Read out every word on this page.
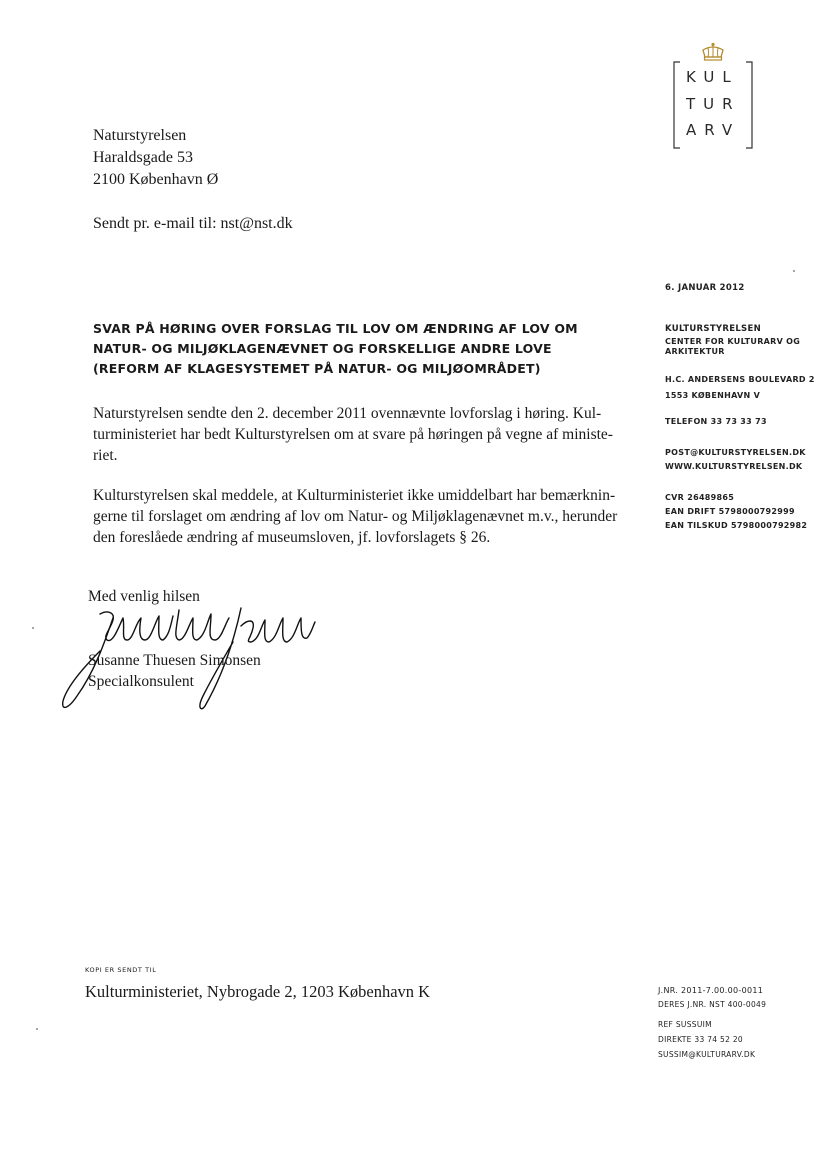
KUL
TUR
ARV
Naturstyrelsen
Haraldsgade 53
2100 København Ø
Sendt pr. e-mail til: nst@nst.dk
6. JANUAR 2012
KULTURSTYRELSEN
CENTER FOR KULTURARV OG
ARKITEKTUR
H.C. ANDERSENS BOULEVARD 2
1553 KØBENHAVN V
TELEFON 33 73 33 73
POST@KULTURSTYRELSEN.DK
WWW.KULTURSTYRELSEN.DK
CVR 26489865
EAN DRIFT 5798000792999
EAN TILSKUD 5798000792982
SVAR PÅ HØRING OVER FORSLAG TIL LOV OM ÆNDRING AF LOV OM
NATUR- OG MILJØKLAGENÆVNET OG FORSKELLIGE ANDRE LOVE
(REFORM AF KLAGESYSTEMET PÅ NATUR- OG MILJØOMRÅDET)
Naturstyrelsen sendte den 2. december 2011 ovennævnte lovforslag i høring. Kul-
turministeriet har bedt Kulturstyrelsen om at svare på høringen på vegne af ministe-
riet.
Kulturstyrelsen skal meddele, at Kulturministeriet ikke umiddelbart har bemærknin-
gerne til forslaget om ændring af lov om Natur- og Miljøklagenævnet m.v., herunder
den foreslåede ændring af museumsloven, jf. lovforslagets § 26.
Med venlig hilsen
Susanne Thuesen Simonsen
Specialkonsulent
KOPI ER SENDT TIL
Kulturministeriet, Nybrogade 2, 1203 København K	J.NR. 2011-7.00.00-0011
DERES J.NR. NST 400-0049
REF SUSSUIM
DIREKTE 33 74 52 20
SUSSIM@KULTURARV.DK
